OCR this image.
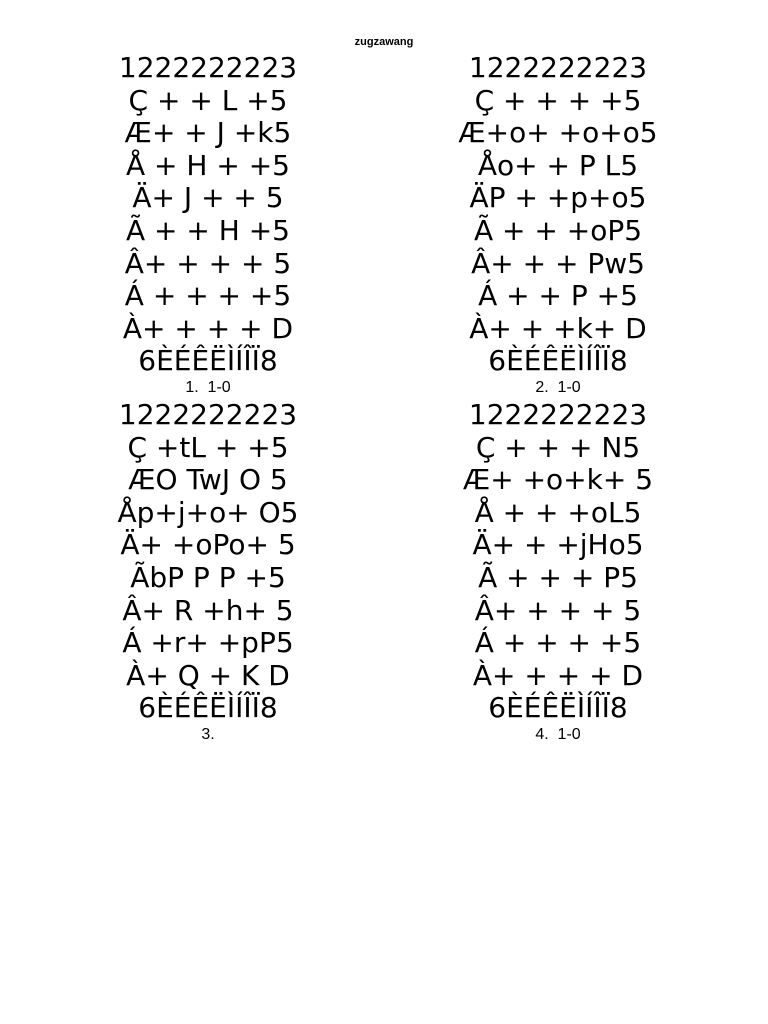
zugzawang
1222222223
Ç + + L +5
Æ+ + J +k5
Å + H + +5
Ä+ J + + 5
Ã + + H +5
Â+ + + + 5
Á + + + +5
À+ + + + D
6ÈÉÊËÌÍÎÏ8
1.  1-0
1222222223
Ç + + + +5
Æ+o+ +o+o5
Åo+ + P L5
ÄP + +p+o5
Ã + + +oP5
Â+ + + Pw5
Á + + P +5
À+ + +k+ D
6ÈÉÊËÌÍÎÏ8
2.  1-0
1222222223
Ç +tL + +5
ÆO TwJ O 5
Åp+j+o+ O5
Ä+ +oPo+ 5
ÃbP P P +5
Â+ R +h+ 5
Á +r+ +pP5
À+ Q + K D
6ÈÉÊËÌÍÎÏ8
3.
1222222223
Ç + + + N5
Æ+ +o+k+ 5
Å + + +oL5
Ä+ + +jHo5
Ã + + + P5
Â+ + + + 5
Á + + + +5
À+ + + + D
6ÈÉÊËÌÍÎÏ8
4.  1-0
